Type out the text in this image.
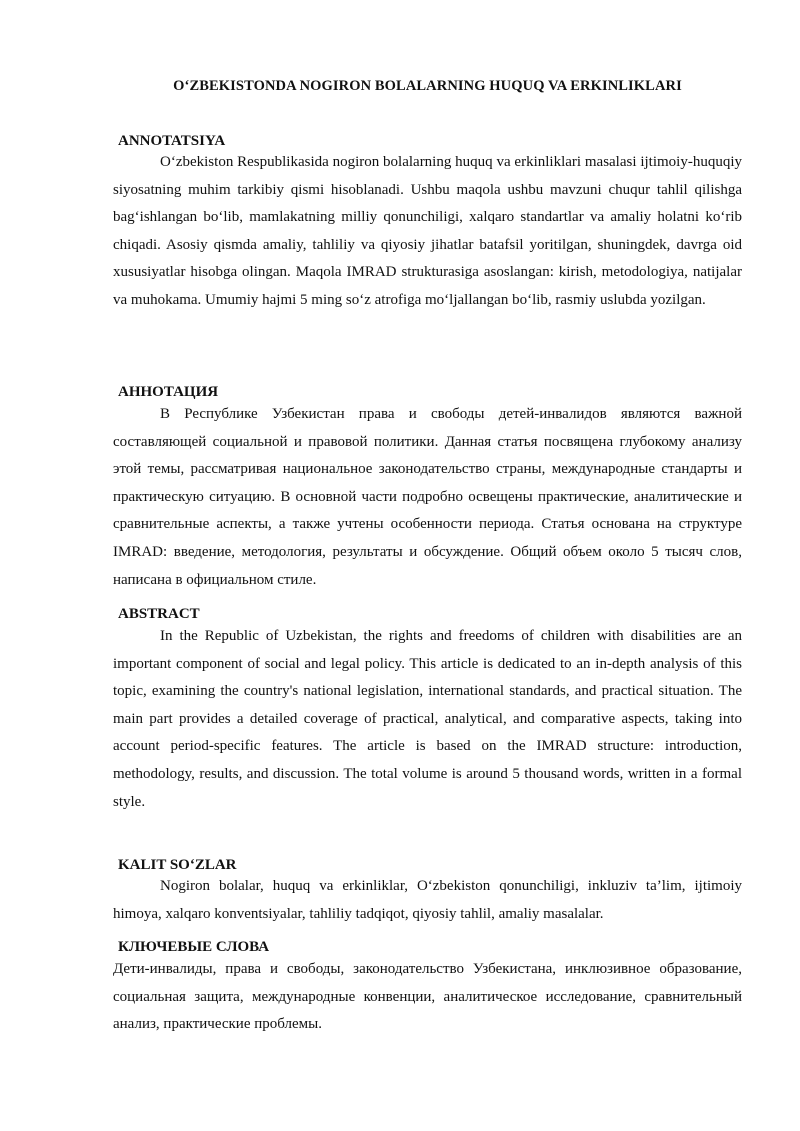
O‘ZBEKISTONDA NOGIRON BOLALARNING HUQUQ VA ERKINLIKLARI
ANNOTATSIYA

O‘zbekiston Respublikasida nogiron bolalarning huquq va erkinliklari masalasi ijtimoiy-huquqiy siyosatning muhim tarkibiy qismi hisoblanadi. Ushbu maqola ushbu mavzuni chuqur tahlil qilishga bag‘ishlangan bo‘lib, mamlakatning milliy qonunchiligi, xalqaro standartlar va amaliy holatni ko‘rib chiqadi. Asosiy qismda amaliy, tahliliy va qiyosiy jihatlar batafsil yoritilgan, shuningdek, davrga oid xususiyatlar hisobga olingan. Maqola IMRAD strukturasiga asoslangan: kirish, metodologiya, natijalar va muhokama. Umumiy hajmi 5 ming so‘z atrofiga mo‘ljallangan bo‘lib, rasmiy uslubda yozilgan.

АННОТАЦИЯ

В Республике Узбекистан права и свободы детей-инвалидов являются важной составляющей социальной и правовой политики. Данная статья посвящена глубокому анализу этой темы, рассматривая национальное законодательство страны, международные стандарты и практическую ситуацию. В основной части подробно освещены практические, аналитические и сравнительные аспекты, а также учтены особенности периода. Статья основана на структуре IMRAD: введение, методология, результаты и обсуждение. Общий объем около 5 тысяч слов, написана в официальном стиле.

ABSTRACT

In the Republic of Uzbekistan, the rights and freedoms of children with disabilities are an important component of social and legal policy. This article is dedicated to an in-depth analysis of this topic, examining the country's national legislation, international standards, and practical situation. The main part provides a detailed coverage of practical, analytical, and comparative aspects, taking into account period-specific features. The article is based on the IMRAD structure: introduction, methodology, results, and discussion. The total volume is around 5 thousand words, written in a formal style.

KALIT SO‘ZLAR

Nogiron bolalar, huquq va erkinliklar, O‘zbekiston qonunchiligi, inkluziv ta’lim, ijtimoiy himoya, xalqaro konventsiyalar, tahliliy tadqiqot, qiyosiy tahlil, amaliy masalalar.

КЛЮЧЕВЫЕ СЛОВА

Дети-инвалиды, права и свободы, законодательство Узбекистана, инклюзивное образование, социальная защита, международные конвенции, аналитическое исследование, сравнительный анализ, практические проблемы.
